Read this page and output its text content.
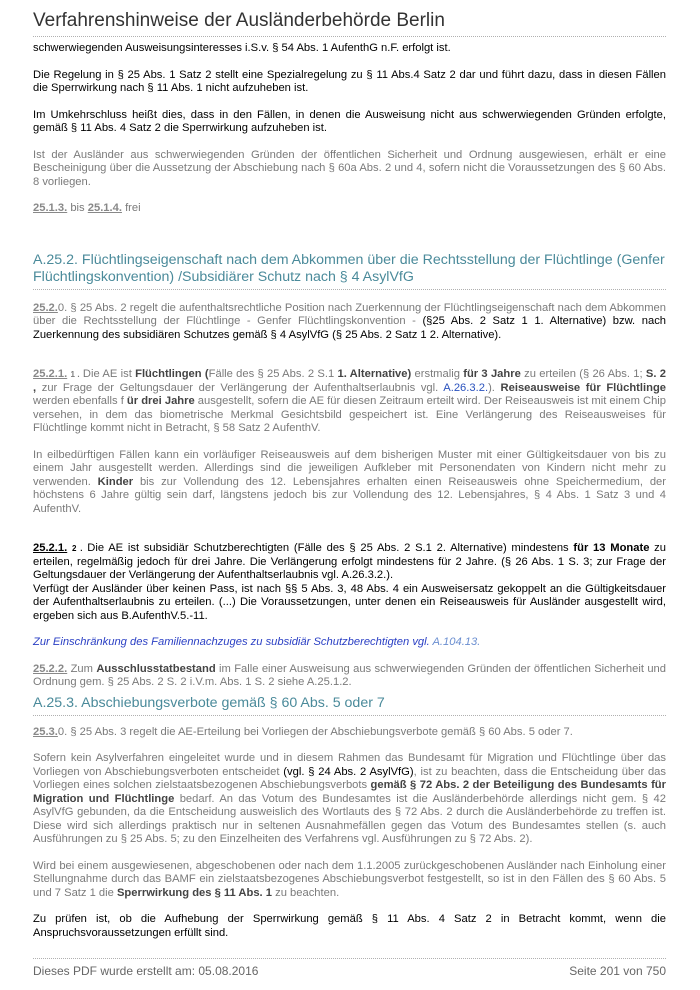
Verfahrenshinweise der Ausländerbehörde Berlin

schwerwiegenden Ausweisungsinteresses i.S.v. § 54 Abs. 1 AufenthG n.F. erfolgt ist.

Die Regelung in § 25 Abs. 1 Satz 2 stellt eine Spezialregelung zu § 11 Abs.4 Satz 2 dar und führt dazu, dass in diesen Fällen die Sperrwirkung nach § 11 Abs. 1 nicht aufzuheben ist.

Im Umkehrschluss heißt dies, dass in den Fällen, in denen die Ausweisung nicht aus schwerwiegenden Gründen erfolgte, gemäß § 11 Abs. 4 Satz 2 die Sperrwirkung aufzuheben ist.

Ist der Ausländer aus schwerwiegenden Gründen der öffentlichen Sicherheit und Ordnung ausgewiesen, erhält er eine Bescheinigung über die Aussetzung der Abschiebung nach § 60a Abs. 2 und 4, sofern nicht die Voraussetzungen des § 60 Abs. 8 vorliegen.

25.1.3. bis 25.1.4. frei

A.25.2. Flüchtlingseigenschaft nach dem Abkommen über die Rechtsstellung der Flüchtlinge (Genfer Flüchtlingskonvention) /Subsidiärer Schutz nach § 4 AsylVfG

25.2.0. § 25 Abs. 2 regelt die aufenthaltsrechtliche Position nach Zuerkennung der Flüchtlingseigenschaft nach dem Abkommen über die Rechtsstellung der Flüchtlinge - Genfer Flüchtlingskonvention - (§25 Abs. 2 Satz 1 1. Alternative) bzw. nach Zuerkennung des subsidiären Schutzes gemäß § 4 AsylVfG (§ 25 Abs. 2 Satz 1 2. Alternative).

25.2.1. 1 . Die AE ist Flüchtlingen (Fälle des § 25 Abs. 2 S.1 1. Alternative) erstmalig für 3 Jahre zu erteilen (§ 26 Abs. 1; S. 2 , zur Frage der Geltungsdauer der Verlängerung der Aufenthaltserlaubnis vgl. A.26.3.2.). Reiseausweise für Flüchtlinge werden ebenfalls f ür drei Jahre ausgestellt, sofern die AE für diesen Zeitraum erteilt wird. Der Reiseausweis ist mit einem Chip versehen, in dem das biometrische Merkmal Gesichtsbild gespeichert ist. Eine Verlängerung des Reiseausweises für Flüchtlinge kommt nicht in Betracht, § 58 Satz 2 AufenthV.

In eilbedürftigen Fällen kann ein vorläufiger Reiseausweis auf dem bisherigen Muster mit einer Gültigkeitsdauer von bis zu einem Jahr ausgestellt werden. Allerdings sind die jeweiligen Aufkleber mit Personendaten von Kindern nicht mehr zu verwenden. Kinder bis zur Vollendung des 12. Lebensjahres erhalten einen Reiseausweis ohne Speichermedium, der höchstens 6 Jahre gültig sein darf, längstens jedoch bis zur Vollendung des 12. Lebensjahres, § 4 Abs. 1 Satz 3 und 4 AufenthV.

25.2.1. 2 . Die AE ist subsidiär Schutzberechtigten (Fälle des § 25 Abs. 2 S.1 2. Alternative) mindestens für 13 Monate zu erteilen, regelmäßig jedoch für drei Jahre. Die Verlängerung erfolgt mindestens für 2 Jahre. (§ 26 Abs. 1 S. 3; zur Frage der Geltungsdauer der Verlängerung der Aufenthaltserlaubnis vgl. A.26.3.2.).
Verfügt der Ausländer über keinen Pass, ist nach §§ 5 Abs. 3, 48 Abs. 4 ein Ausweisersatz gekoppelt an die Gültigkeitsdauer der Aufenthaltserlaubnis zu erteilen. (...) Die Voraussetzungen, unter denen ein Reiseausweis für Ausländer ausgestellt wird, ergeben sich aus B.AufenthV.5.-11.

Zur Einschränkung des Familiennachzuges zu subsidiär Schutzberechtigten vgl. A.104.13.

25.2.2. Zum Ausschlusstatbestand im Falle einer Ausweisung aus schwerwiegenden Gründen der öffentlichen Sicherheit und Ordnung gem. § 25 Abs. 2 S. 2 i.V.m. Abs. 1 S. 2 siehe A.25.1.2.

A.25.3. Abschiebungsverbote gemäß § 60 Abs. 5 oder 7

25.3.0. § 25 Abs. 3 regelt die AE-Erteilung bei Vorliegen der Abschiebungsverbote gemäß § 60 Abs. 5 oder 7.

Sofern kein Asylverfahren eingeleitet wurde und in diesem Rahmen das Bundesamt für Migration und Flüchtlinge über das Vorliegen von Abschiebungsverboten entscheidet (vgl. § 24 Abs. 2 AsylVfG), ist zu beachten, dass die Entscheidung über das Vorliegen eines solchen zielstaatsbezogenen Abschiebungsverbots gemäß § 72 Abs. 2 der Beteiligung des Bundesamts für Migration und Flüchtlinge bedarf. An das Votum des Bundesamtes ist die Ausländerbehörde allerdings nicht gem. § 42 AsylVfG gebunden, da die Entscheidung ausweislich des Wortlauts des § 72 Abs. 2 durch die Ausländerbehörde zu treffen ist. Diese wird sich allerdings praktisch nur in seltenen Ausnahmefällen gegen das Votum des Bundesamtes stellen (s. auch Ausführungen zu § 25 Abs. 5; zu den Einzelheiten des Verfahrens vgl. Ausführungen zu § 72 Abs. 2).

Wird bei einem ausgewiesenen, abgeschobenen oder nach dem 1.1.2005 zurückgeschobenen Ausländer nach Einholung einer Stellungnahme durch das BAMF ein zielstaatsbezogenes Abschiebungsverbot festgestellt, so ist in den Fällen des § 60 Abs. 5 und 7 Satz 1 die Sperrwirkung des § 11 Abs. 1 zu beachten.

Zu prüfen ist, ob die Aufhebung der Sperrwirkung gemäß § 11 Abs. 4 Satz 2 in Betracht kommt, wenn die Anspruchsvoraussetzungen erfüllt sind.

Dieses PDF wurde erstellt am: 05.08.2016	Seite 201 von 750
